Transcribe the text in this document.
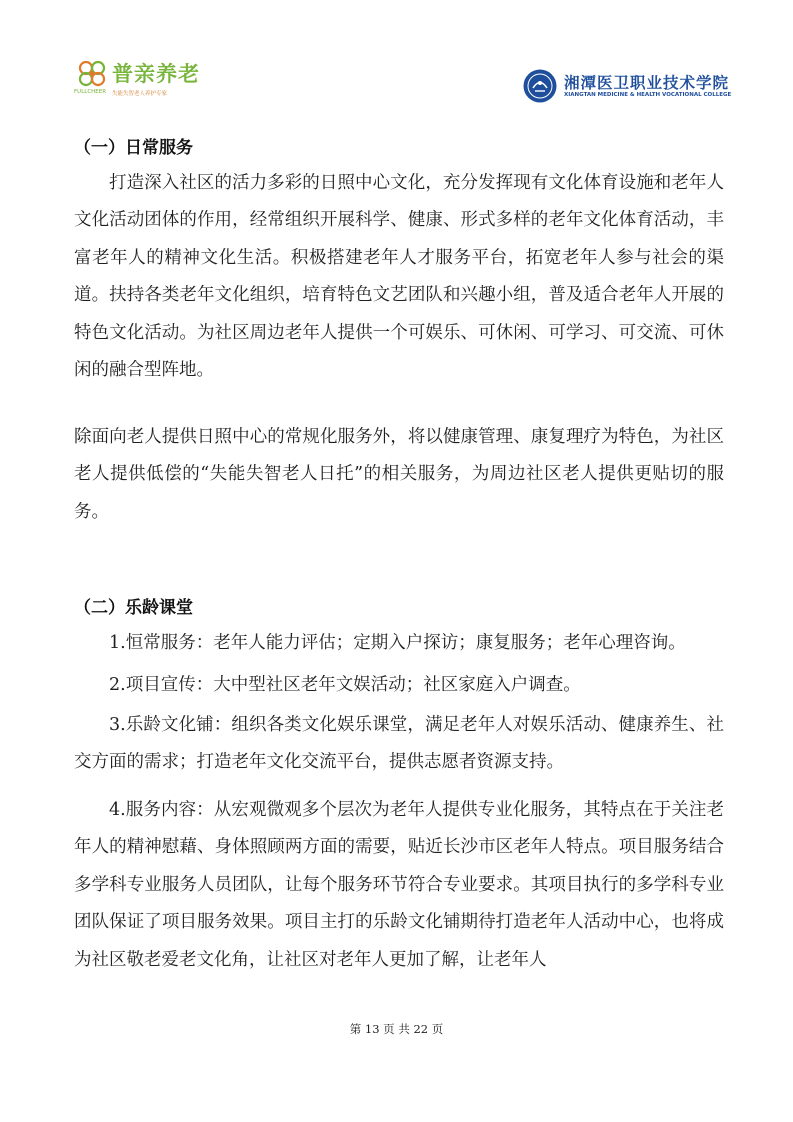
普亲养老
FULLCHEER 失能失智老人养护专家
湘潭医卫职业技术学院
XIANGTAN MEDICINE & HEALTH VOCATIONAL COLLEGE
（一）日常服务

打造深入社区的活力多彩的日照中心文化，充分发挥现有文化体育设施和老年人文化活动团体的作用，经常组织开展科学、健康、形式多样的老年文化体育活动，丰富老年人的精神文化生活。积极搭建老年人才服务平台，拓宽老年人参与社会的渠道。扶持各类老年文化组织，培育特色文艺团队和兴趣小组，普及适合老年人开展的特色文化活动。为社区周边老年人提供一个可娱乐、可休闲、可学习、可交流、可休闲的融合型阵地。

除面向老人提供日照中心的常规化服务外，将以健康管理、康复理疗为特色，为社区老人提供低偿的“失能失智老人日托”的相关服务，为周边社区老人提供更贴切的服务。

（二）乐龄课堂

1.恒常服务：老年人能力评估；定期入户探访；康复服务；老年心理咨询。

2.项目宣传：大中型社区老年文娱活动；社区家庭入户调查。

3.乐龄文化铺：组织各类文化娱乐课堂，满足老年人对娱乐活动、健康养生、社交方面的需求；打造老年文化交流平台，提供志愿者资源支持。

4.服务内容：从宏观微观多个层次为老年人提供专业化服务，其特点在于关注老年人的精神慰藉、身体照顾两方面的需要，贴近长沙市区老年人特点。项目服务结合多学科专业服务人员团队，让每个服务环节符合专业要求。其项目执行的多学科专业团队保证了项目服务效果。项目主打的乐龄文化铺期待打造老年人活动中心，也将成为社区敬老爱老文化角，让社区对老年人更加了解，让老年人

第 13 页 共 22 页
